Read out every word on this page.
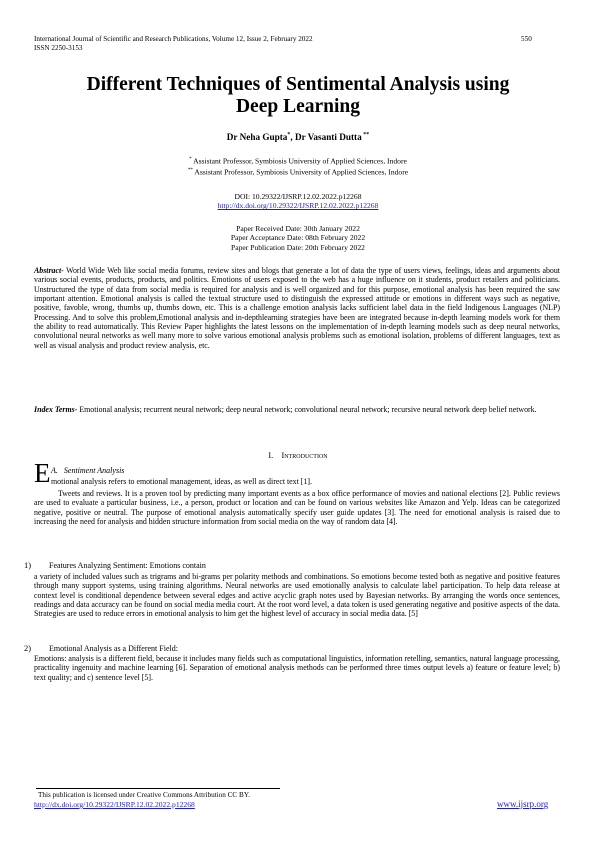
International Journal of Scientific and Research Publications, Volume 12, Issue 2, February 2022	550
ISSN 2250-3153
Different Techniques of Sentimental Analysis using
Deep Learning
Dr Neha Gupta*, Dr Vasanti Dutta **
* Assistant Professor, Symbiosis University of Applied Sciences, Indore
** Assistant Professor, Symbiosis University of Applied Sciences, Indore
DOI: 10.29322/IJSRP.12.02.2022.p12268
http://dx.doi.org/10.29322/IJSRP.12.02.2022.p12268
Paper Received Date: 30th January 2022
Paper Acceptance Date: 08th February 2022
Paper Publication Date: 20th February 2022

Abstract- World Wide Web like social media forums, review sites and blogs that generate a lot of data the type of users views, feelings, ideas and arguments about various social events, products, products, and politics. Emotions of users exposed to the web has a huge influence on it students, product retailers and politicians. Unstructured the type of data from social media is required for analysis and is well organized and for this purpose, emotional analysis has been required the saw important attention. Emotional analysis is called the textual structure used to distinguish the expressed attitude or emotions in different ways such as negative, positive, favoble, wrong, thumbs up, thumbs down, etc. This is a challenge emotion analysis lacks sufficient label data in the field Indigenous Languages (NLP) Processing. And to solve this problem,Emotional analysis and in-depthlearning strategies have been are integrated because in-depth learning models work for them the ability to read automatically. This Review Paper highlights the latest lessons on the implementation of in-depth learning models such as deep neural networks, convolutional neural networks as well many more to solve various emotional analysis problems such as emotional isolation, problems of different languages, text as well as visual analysis and product review analysis, etc.

Index Terms- Emotional analysis; recurrent neural network; deep neural network; convolutional neural network; recursive neural network deep belief network.

I. Introduction
E A. Sentiment Analysis
motional analysis refers to emotional management, ideas, as well as direct text [1].

Tweets and reviews. It is a proven tool by predicting many important events as a box office performance of movies and national elections [2]. Public reviews are used to evaluate a particular business, i.e., a person, product or location and can be found on various websites like Amazon and Yelp. Ideas can be categorized negative, positive or neutral. The purpose of emotional analysis automatically specify user guide updates [3]. The need for emotional analysis is raised due to increasing the need for analysis and hidden structure information from social media on the way of random data [4].

1) Features Analyzing Sentiment: Emotions contain
a variety of included values such as trigrams and bi-grams per polarity methods and combinations. So emotions become tested both as negative and positive features through many support systems, using training algorithms. Neural networks are used emotionally analysis to calculate label participation. To help data release at context level is conditional dependence between several edges and active acyclic graph notes used by Bayesian networks. By arranging the words once sentences, readings and data accuracy can be found on social media media court. At the root word level, a data token is used generating negative and positive aspects of the data. Strategies are used to reduce errors in emotional analysis to him get the highest level of accuracy in social media data. [5]
2) Emotional Analysis as a Different Field:
Emotions: analysis is a different field, because it includes many fields such as computational linguistics, information retelling, semantics, natural language processing, practicality ingenuity and machine learning [6]. Separation of emotional analysis methods can be performed three times output levels a) feature or feature level; b) text quality; and c) sentence level [5].
This publication is licensed under Creative Commons Attribution CC BY.
http://dx.doi.org/10.29322/IJSRP.12.02.2022.p12268	www.ijsrp.org
